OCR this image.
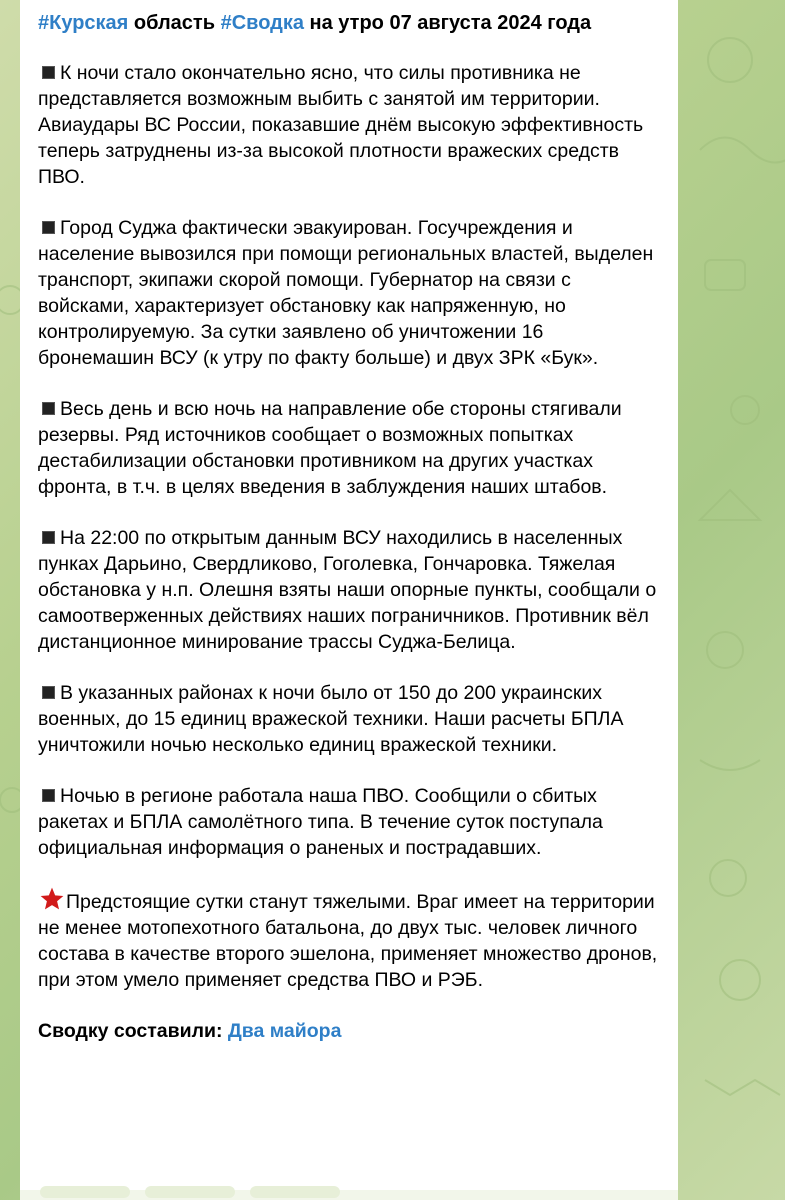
#Курская область #Сводка на утро 07 августа 2024 года
К ночи стало окончательно ясно, что силы противника не представляется возможным выбить с занятой им территории. Авиаудары ВС России, показавшие днём высокую эффективность теперь затруднены из-за высокой плотности вражеских средств ПВО.
Город Суджа фактически эвакуирован. Госучреждения и население вывозился при помощи региональных властей, выделен транспорт, экипажи скорой помощи. Губернатор на связи с войсками, характеризует обстановку как напряженную, но контролируемую. За сутки заявлено об уничтожении 16 бронемашин ВСУ (к утру по факту больше) и двух ЗРК «Бук».
Весь день и всю ночь на направление обе стороны стягивали резервы. Ряд источников сообщает о возможных попытках дестабилизации обстановки противником на других участках фронта, в т.ч. в целях введения в заблуждения наших штабов.
На 22:00 по открытым данным ВСУ находились в населенных пунках Дарьино, Свердликово, Гоголевка, Гончаровка. Тяжелая обстановка у н.п. Олешня взяты наши опорные пункты, сообщали о самоотверженных действиях наших пограничников. Противник вёл дистанционное минирование трассы Суджа-Белица.
В указанных районах к ночи было от 150 до 200 украинских военных, до 15 единиц вражеской техники. Наши расчеты БПЛА уничтожили ночью несколько единиц вражеской техники.
Ночью в регионе работала наша ПВО. Сообщили о сбитых ракетах и БПЛА самолётного типа. В течение суток поступала официальная информация о раненых и пострадавших.
Предстоящие сутки станут тяжелыми. Враг имеет на территории не менее мотопехотного батальона, до двух тыс. человек личного состава в качестве второго эшелона, применяет множество дронов, при этом умело применяет средства ПВО и РЭБ.
Сводку составили: Два майора
